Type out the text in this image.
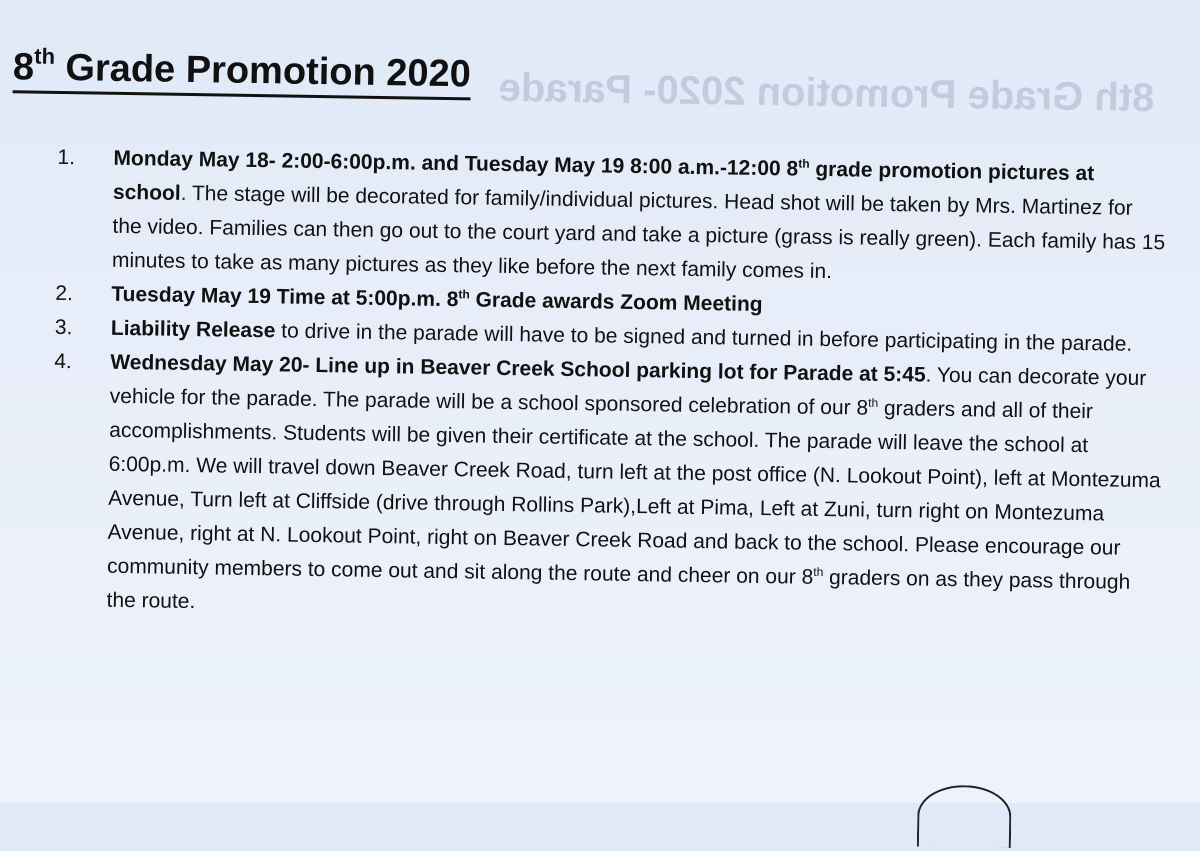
8th Grade Promotion 2020- Parade
8th Grade Promotion 2020
1. Monday May 18- 2:00-6:00p.m. and Tuesday May 19 8:00 a.m.-12:00 8th grade promotion pictures at school. The stage will be decorated for family/individual pictures. Head shot will be taken by Mrs. Martinez for the video. Families can then go out to the court yard and take a picture (grass is really green). Each family has 15 minutes to take as many pictures as they like before the next family comes in.
2. Tuesday May 19 Time at 5:00p.m. 8th Grade awards Zoom Meeting
3. Liability Release to drive in the parade will have to be signed and turned in before participating in the parade.
4. Wednesday May 20- Line up in Beaver Creek School parking lot for Parade at 5:45. You can decorate your vehicle for the parade. The parade will be a school sponsored celebration of our 8th graders and all of their accomplishments. Students will be given their certificate at the school. The parade will leave the school at 6:00p.m. We will travel down Beaver Creek Road, turn left at the post office (N. Lookout Point), left at Montezuma Avenue, Turn left at Cliffside (drive through Rollins Park),Left at Pima, Left at Zuni, turn right on Montezuma Avenue, right at N. Lookout Point, right on Beaver Creek Road and back to the school. Please encourage our community members to come out and sit along the route and cheer on our 8th graders on as they pass through the route.
